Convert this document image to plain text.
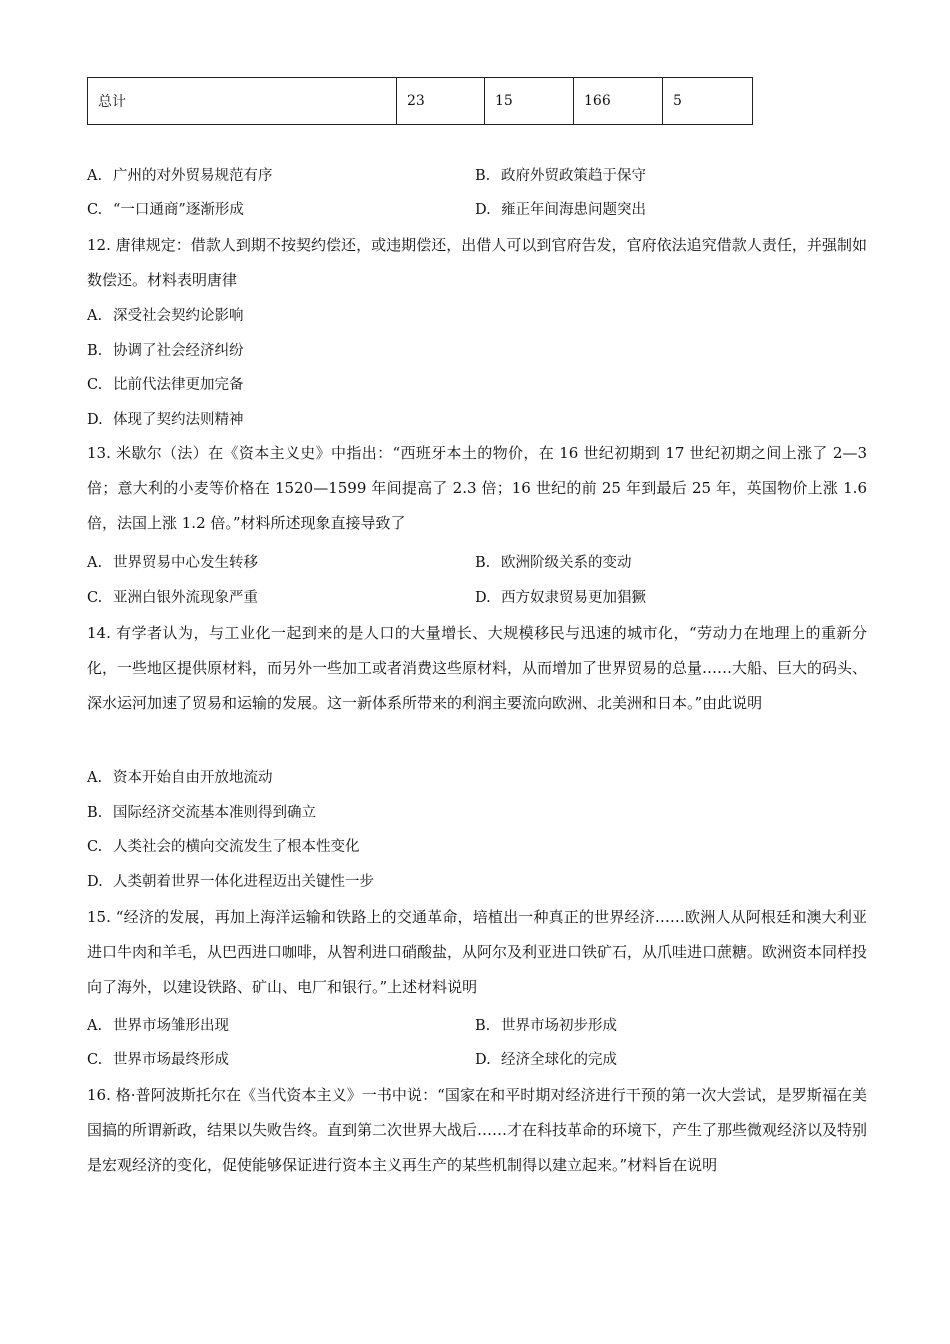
总计	23	15	166	5
A. 广州的对外贸易规范有序	B. 政府外贸政策趋于保守
C. “一口通商”逐渐形成	D. 雍正年间海患问题突出

12. 唐律规定：借款人到期不按契约偿还，或违期偿还，出借人可以到官府告发，官府依法追究借款人责任，并强制如数偿还。材料表明唐律

A. 深受社会契约论影响
B. 协调了社会经济纠纷
C. 比前代法律更加完备
D. 体现了契约法则精神

13. 米歇尔（法）在《资本主义史》中指出：“西班牙本土的物价，在 16 世纪初期到 17 世纪初期之间上涨了 2—3 倍；意大利的小麦等价格在 1520—1599 年间提高了 2.3 倍；16 世纪的前 25 年到最后 25 年，英国物价上涨 1.6 倍，法国上涨 1.2 倍。”材料所述现象直接导致了

A. 世界贸易中心发生转移	B. 欧洲阶级关系的变动
C. 亚洲白银外流现象严重	D. 西方奴隶贸易更加猖獗

14. 有学者认为，与工业化一起到来的是人口的大量增长、大规模移民与迅速的城市化，“劳动力在地理上的重新分化，一些地区提供原材料，而另外一些加工或者消费这些原材料，从而增加了世界贸易的总量……大船、巨大的码头、深水运河加速了贸易和运输的发展。这一新体系所带来的利润主要流向欧洲、北美洲和日本。”由此说明

A. 资本开始自由开放地流动
B. 国际经济交流基本准则得到确立
C. 人类社会的横向交流发生了根本性变化
D. 人类朝着世界一体化进程迈出关键性一步

15. “经济的发展，再加上海洋运输和铁路上的交通革命，培植出一种真正的世界经济……欧洲人从阿根廷和澳大利亚进口牛肉和羊毛，从巴西进口咖啡，从智利进口硝酸盐，从阿尔及利亚进口铁矿石，从爪哇进口蔗糖。欧洲资本同样投向了海外，以建设铁路、矿山、电厂和银行。”上述材料说明

A. 世界市场雏形出现	B. 世界市场初步形成
C. 世界市场最终形成	D. 经济全球化的完成

16. 格·普阿波斯托尔在《当代资本主义》一书中说：“国家在和平时期对经济进行干预的第一次大尝试，是罗斯福在美国搞的所谓新政，结果以失败告终。直到第二次世界大战后……才在科技革命的环境下，产生了那些微观经济以及特别是宏观经济的变化，促使能够保证进行资本主义再生产的某些机制得以建立起来。”材料旨在说明
